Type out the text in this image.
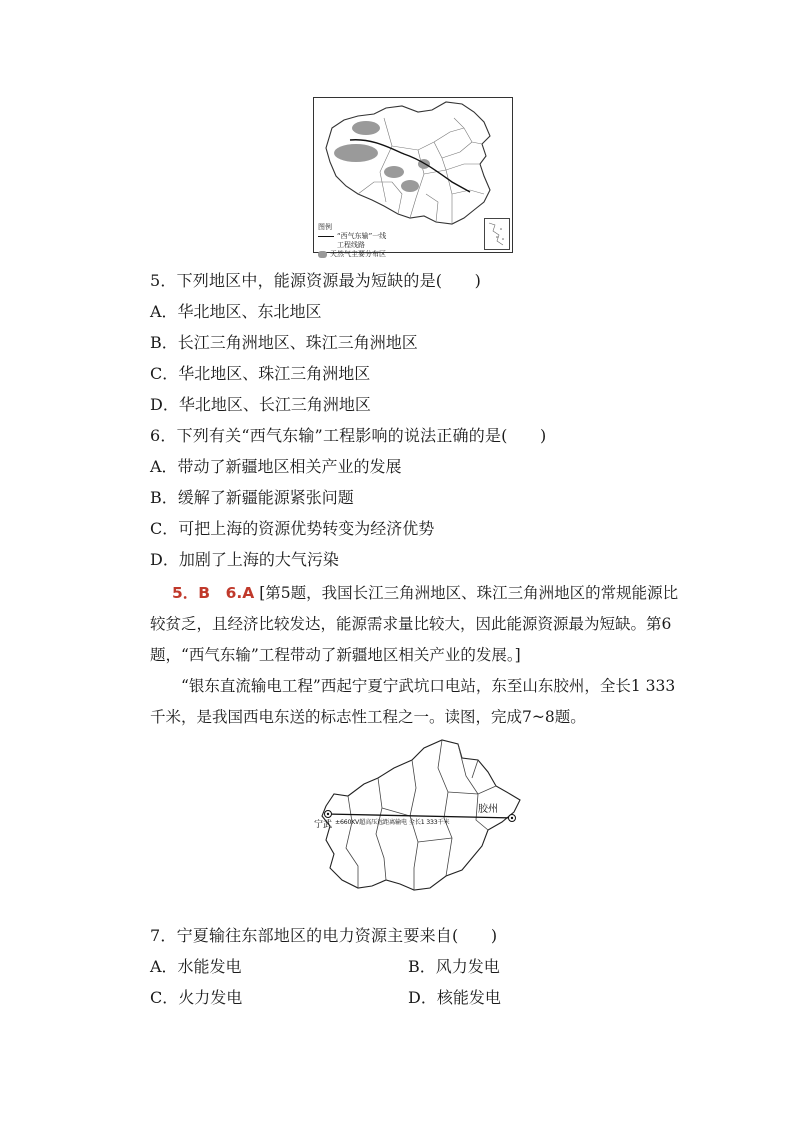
图例
“西气东输”一线
工程线路
天然气主要分布区
5．下列地区中，能源资源最为短缺的是(　　)
A．华北地区、东北地区
B．长江三角洲地区、珠江三角洲地区
C．华北地区、珠江三角洲地区
D．华北地区、长江三角洲地区
6．下列有关“西气东输”工程影响的说法正确的是(　　)
A．带动了新疆地区相关产业的发展
B．缓解了新疆能源紧张问题
C．可把上海的资源优势转变为经济优势
D．加剧了上海的大气污染
5．B　6.A [第5题，我国长江三角洲地区、珠江三角洲地区的常规能源比较贫乏，且经济比较发达，能源需求量比较大，因此能源资源最为短缺。第6题，“西气东输”工程带动了新疆地区相关产业的发展。]
“银东直流输电工程”西起宁夏宁武坑口电站，东至山东胶州，全长1 333千米，是我国西电东送的标志性工程之一。读图，完成7~8题。
宁武
胶州
±660KV超高压远距离输电 全长1 333千米
7．宁夏输往东部地区的电力资源主要来自(　　)
A．水能发电	B．风力发电
C．火力发电	D．核能发电
